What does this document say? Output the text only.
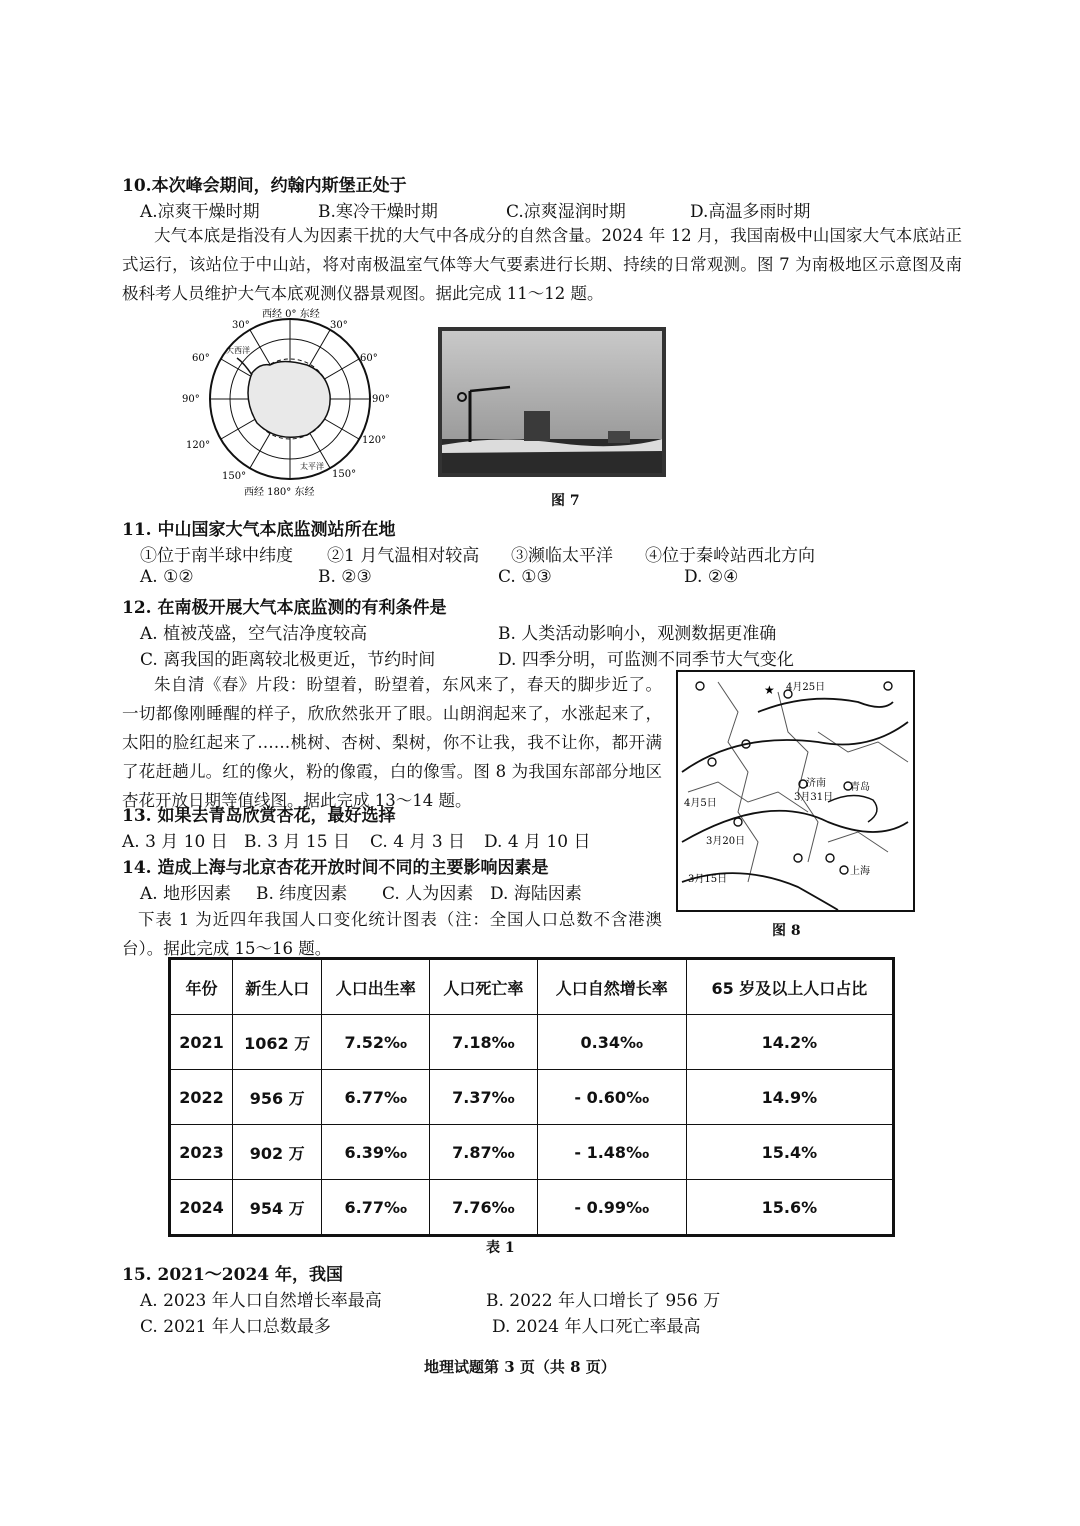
10.本次峰会期间，约翰内斯堡正处于
A.凉爽干燥时期	B.寒冷干燥时期	C.凉爽湿润时期	D.高温多雨时期
大气本底是指没有人为因素干扰的大气中各成分的自然含量。2024 年 12 月，我国南极中山国家大气本底站正式运行，该站位于中山站，将对南极温室气体等大气要素进行长期、持续的日常观测。图 7 为南极地区示意图及南极科考人员维护大气本底观测仪器景观图。据此完成 11～12 题。
西经 0° 东经
西经 180° 东经
30°	30°
60°	60°
90°	90°
120°	120°
150°	150°
大西洋
太平洋
图 7
11. 中山国家大气本底监测站所在地
①位于南半球中纬度 ②1 月气温相对较高 ③濒临太平洋 ④位于秦岭站西北方向
A. ①②	B. ②③	C. ①③	D. ②④
12. 在南极开展大气本底监测的有利条件是
A. 植被茂盛，空气洁净度较高	B. 人类活动影响小，观测数据更准确
C. 离我国的距离较北极更近，节约时间	D. 四季分明，可监测不同季节大气变化
朱自清《春》片段：盼望着，盼望着，东风来了，春天的脚步近了。一切都像刚睡醒的样子，欣欣然张开了眼。山朗润起来了，水涨起来了，太阳的脸红起来了……桃树、杏树、梨树，你不让我，我不让你，都开满了花赶趟儿。红的像火，粉的像霞，白的像雪。图 8 为我国东部部分地区杏花开放日期等值线图。据此完成 13～14 题。
★ 4月25日
4月5日
济南
3月31日
青岛
3月20日
3月15日
上海
图 8
13. 如果去青岛欣赏杏花，最好选择
A. 3 月 10 日 B. 3 月 15 日 C. 4 月 3 日 D. 4 月 10 日
14. 造成上海与北京杏花开放时间不同的主要影响因素是
A. 地形因素 B. 纬度因素 C. 人为因素 D. 海陆因素
下表 1 为近四年我国人口变化统计图表（注：全国人口总数不含港澳台）。据此完成 15～16 题。
年份	新生人口	人口出生率	人口死亡率	人口自然增长率	65 岁及以上人口占比
2021	1062 万	7.52‰	7.18‰	0.34‰	14.2%
2022	956 万	6.77‰	7.37‰	- 0.60‰	14.9%
2023	902 万	6.39‰	7.87‰	- 1.48‰	15.4%
2024	954 万	6.77‰	7.76‰	- 0.99‰	15.6%
表 1
15. 2021～2024 年，我国
A. 2023 年人口自然增长率最高	B. 2022 年人口增长了 956 万
C. 2021 年人口总数最多	D. 2024 年人口死亡率最高
地理试题第 3 页（共 8 页）
